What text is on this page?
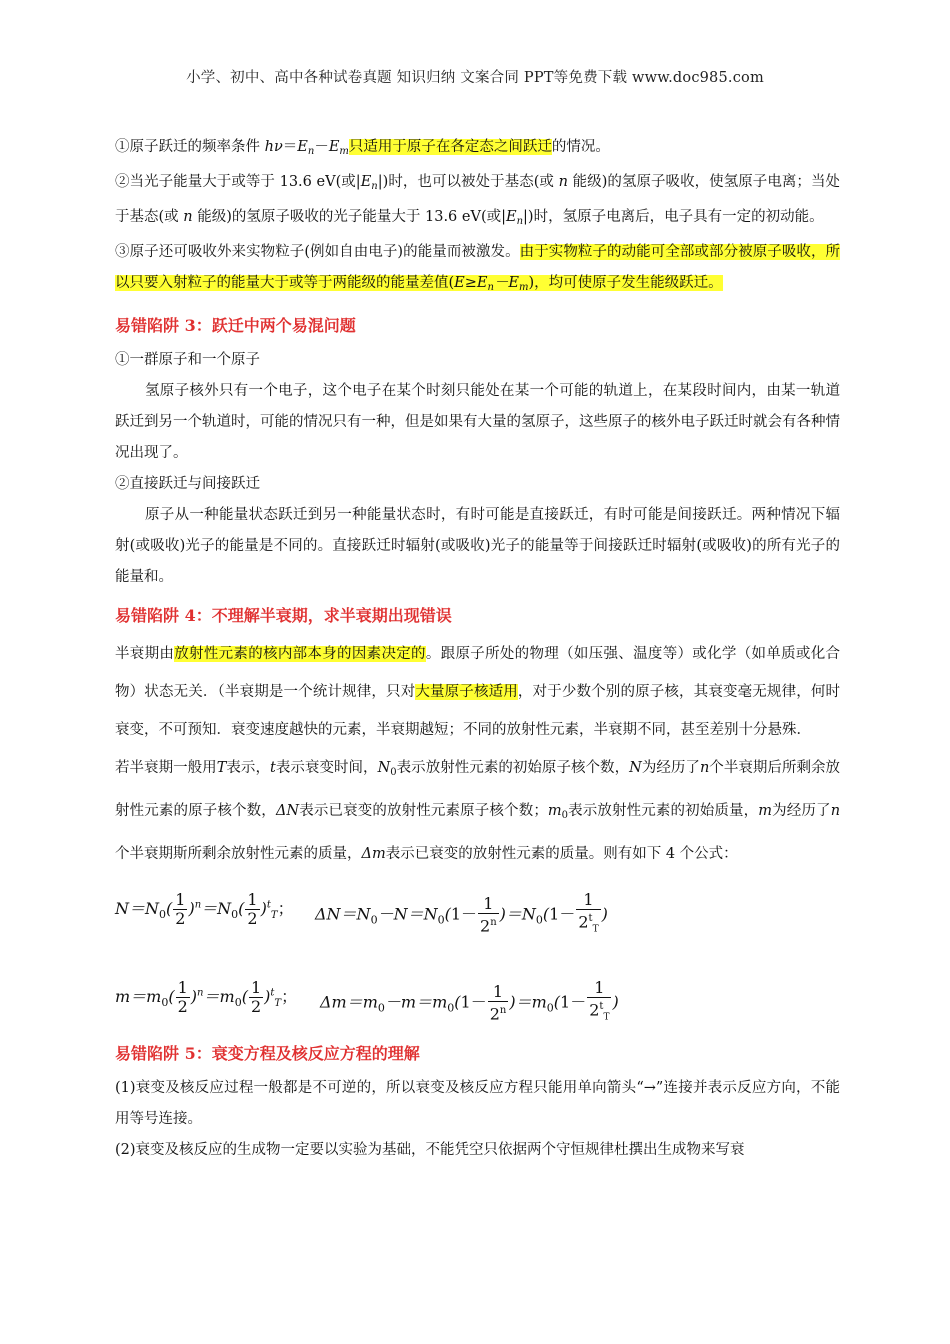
小学、初中、高中各种试卷真题 知识归纳 文案合同 PPT等免费下载 www.doc985.com

①原子跃迁的频率条件 $h\nu=E_n-E_m$只适用于原子在各定态之间跃迁的情况。

②当光子能量大于或等于 13.6 eV(或$|E_n|$)时，也可以被处于基态(或 n 能级)的氢原子吸收，使氢原子电离；当处于基态(或 n 能级)的氢原子吸收的光子能量大于 13.6 eV(或$|E_n|$)时，氢原子电离后，电子具有一定的初动能。

③原子还可吸收外来实物粒子(例如自由电子)的能量而被激发。由于实物粒子的动能可全部或部分被原子吸收，所以只要入射粒子的能量大于或等于两能级的能量差值$(E\ge E_n-E_m)$，均可使原子发生能级跃迁。

易错陷阱 3：跃迁中两个易混问题

①一群原子和一个原子

氢原子核外只有一个电子，这个电子在某个时刻只能处在某一个可能的轨道上，在某段时间内，由某一轨道跃迁到另一个轨道时，可能的情况只有一种，但是如果有大量的氢原子，这些原子的核外电子跃迁时就会有各种情况出现了。

②直接跃迁与间接跃迁

原子从一种能量状态跃迁到另一种能量状态时，有时可能是直接跃迁，有时可能是间接跃迁。两种情况下辐射(或吸收)光子的能量是不同的。直接跃迁时辐射(或吸收)光子的能量等于间接跃迁时辐射(或吸收)的所有光子的能量和。

易错陷阱 4：不理解半衰期，求半衰期出现错误

半衰期由放射性元素的核内部本身的因素决定的。跟原子所处的物理（如压强、温度等）或化学（如单质或化合物）状态无关．（半衰期是一个统计规律，只对大量原子核适用，对于少数个别的原子核，其衰变毫无规律，何时衰变，不可预知．衰变速度越快的元素，半衰期越短；不同的放射性元素，半衰期不同，甚至差别十分悬殊．

若半衰期一般用T表示，t表示衰变时间，$N_0$表示放射性元素的初始原子核个数，N为经历了n个半衰期后所剩余放射性元素的原子核个数，ΔN表示已衰变的放射性元素原子核个数；$m_0$表示放射性元素的初始质量，m为经历了n个半衰期斯所剩余放射性元素的质量，Δm表示已衰变的放射性元素的质量。则有如下 4 个公式：

$N=N_0( \frac{1}{2} )^n=N_0( \frac{1}{2} )^t_T$； $\Delta N=N_0-N=N_0(1- \frac{1}{2^n} )=N_0(1- \frac{1}{2^t_T}$ )
$m=m_0( \frac{1}{2} )^n=m_0( \frac{1}{2} )^t_T$； $\Delta m=m_0-m=m_0(1- \frac{1}{2^n} )=m_0(1- \frac{1}{2^t_T}$ )
易错陷阱 5：衰变方程及核反应方程的理解

(1)衰变及核反应过程一般都是不可逆的，所以衰变及核反应方程只能用单向箭头“→”连接并表示反应方向，不能用等号连接。

(2)衰变及核反应的生成物一定要以实验为基础，不能凭空只依据两个守恒规律杜撰出生成物来写衰
